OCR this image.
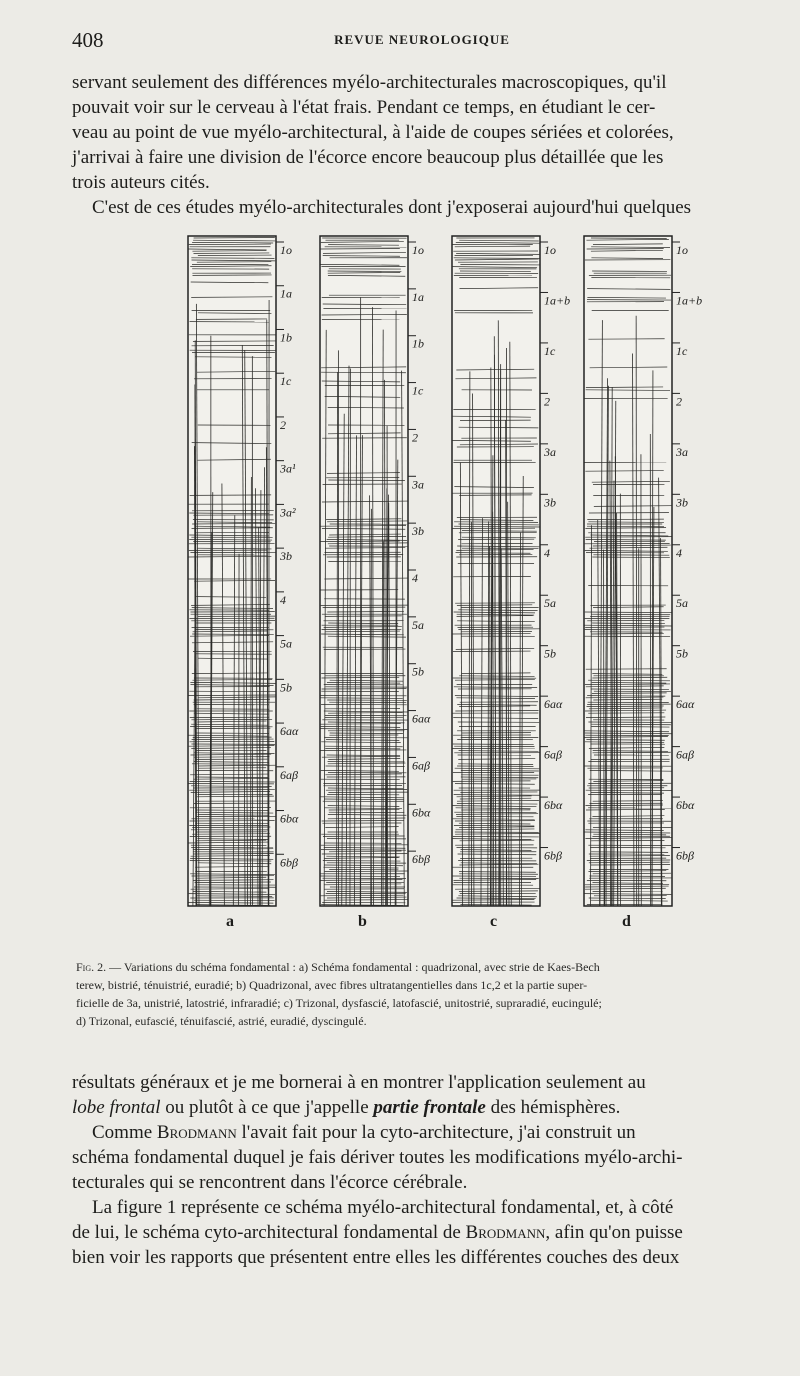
408	REVUE NEUROLOGIQUE

servant seulement des différences myélo-architecturales macroscopiques, qu'il
pouvait voir sur le cerveau à l'état frais. Pendant ce temps, en étudiant le cer-
veau au point de vue myélo-architectural, à l'aide de coupes sériées et colorées,
j'arrivai à faire une division de l'écorce encore beaucoup plus détaillée que les
trois auteurs cités.

C'est de ces études myélo-architecturales dont j'exposerai aujourd'hui quelques

1o
1a
1b
1c
2
3a¹
3a²
3b
4
5a
5b
6aα
6aβ
6bα
6bβ
a
1o
1a
1b
1c
2
3a
3b
4
5a
5b
6aα
6aβ
6bα
6bβ
b
1o
1a+b
1c
2
3a
3b
4
5a
5b
6aα
6aβ
6bα
6bβ
c
1o
1a+b
1c
2
3a
3b
4
5a
5b
6aα
6aβ
6bα
6bβ
d
Fig. 2. — Variations du schéma fondamental : a) Schéma fondamental : quadrizonal, avec strie de Kaes-Bech
terew, bistrié, ténuistrié, euradié; b) Quadrizonal, avec fibres ultratangentielles dans 1c,2 et la partie super-
ficielle de 3a, unistrié, latostrié, infraradié; c) Trizonal, dysfascié, latofascié, unitostrié, supraradié, eucingulé;
d) Trizonal, eufascié, ténuifascié, astrié, euradié, dyscingulé.

résultats généraux et je me bornerai à en montrer l'application seulement au
lobe frontal ou plutôt à ce que j'appelle partie frontale des hémisphères.
Comme Brodmann l'avait fait pour la cyto-architecture, j'ai construit un
schéma fondamental duquel je fais dériver toutes les modifications myélo-archi-
tecturales qui se rencontrent dans l'écorce cérébrale.

La figure 1 représente ce schéma myélo-architectural fondamental, et, à côté
de lui, le schéma cyto-architectural fondamental de Brodmann, afin qu'on puisse
bien voir les rapports que présentent entre elles les différentes couches des deux
